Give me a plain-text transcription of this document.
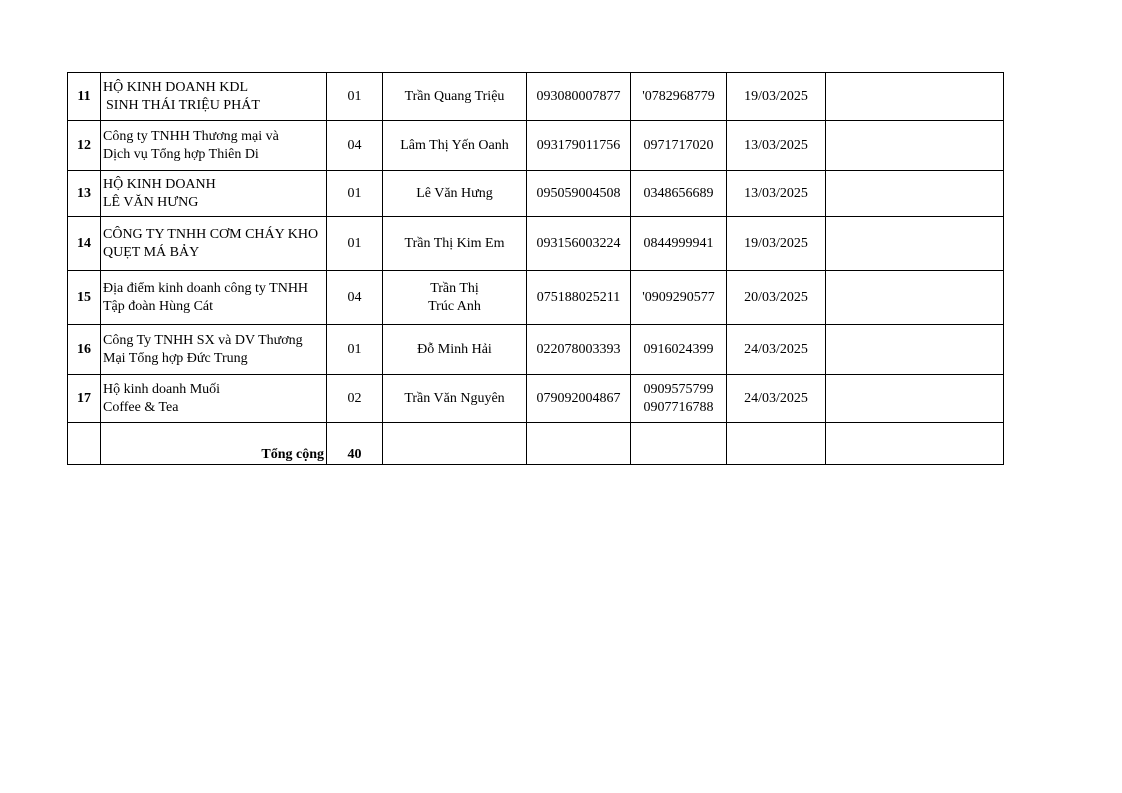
11	HỘ KINH DOANH KDL
SINH THÁI TRIỆU PHÁT	01	Trần Quang Triệu	093080007877	'0782968779	19/03/2025	
12	Công ty TNHH Thương mại và
Dịch vụ Tổng hợp Thiên Di	04	Lâm Thị Yến Oanh	093179011756	0971717020	13/03/2025	
13	HỘ KINH DOANH
LÊ VĂN HƯNG	01	Lê Văn Hưng	095059004508	0348656689	13/03/2025	
14	CÔNG TY TNHH CƠM CHÁY KHO
QUẸT MÁ BẢY	01	Trần Thị Kim Em	093156003224	0844999941	19/03/2025	
15	Địa điểm kinh doanh công ty TNHH
Tập đoàn Hùng Cát	04	Trần Thị
Trúc Anh	075188025211	'0909290577	20/03/2025	
16	Công Ty TNHH SX và DV Thương
Mại Tổng hợp Đức Trung	01	Đỗ Minh Hải	022078003393	0916024399	24/03/2025	
17	Hộ kinh doanh Muối
Coffee & Tea	02	Trần Văn Nguyên	079092004867	0909575799
0907716788	24/03/2025	
	Tổng cộng	40					
